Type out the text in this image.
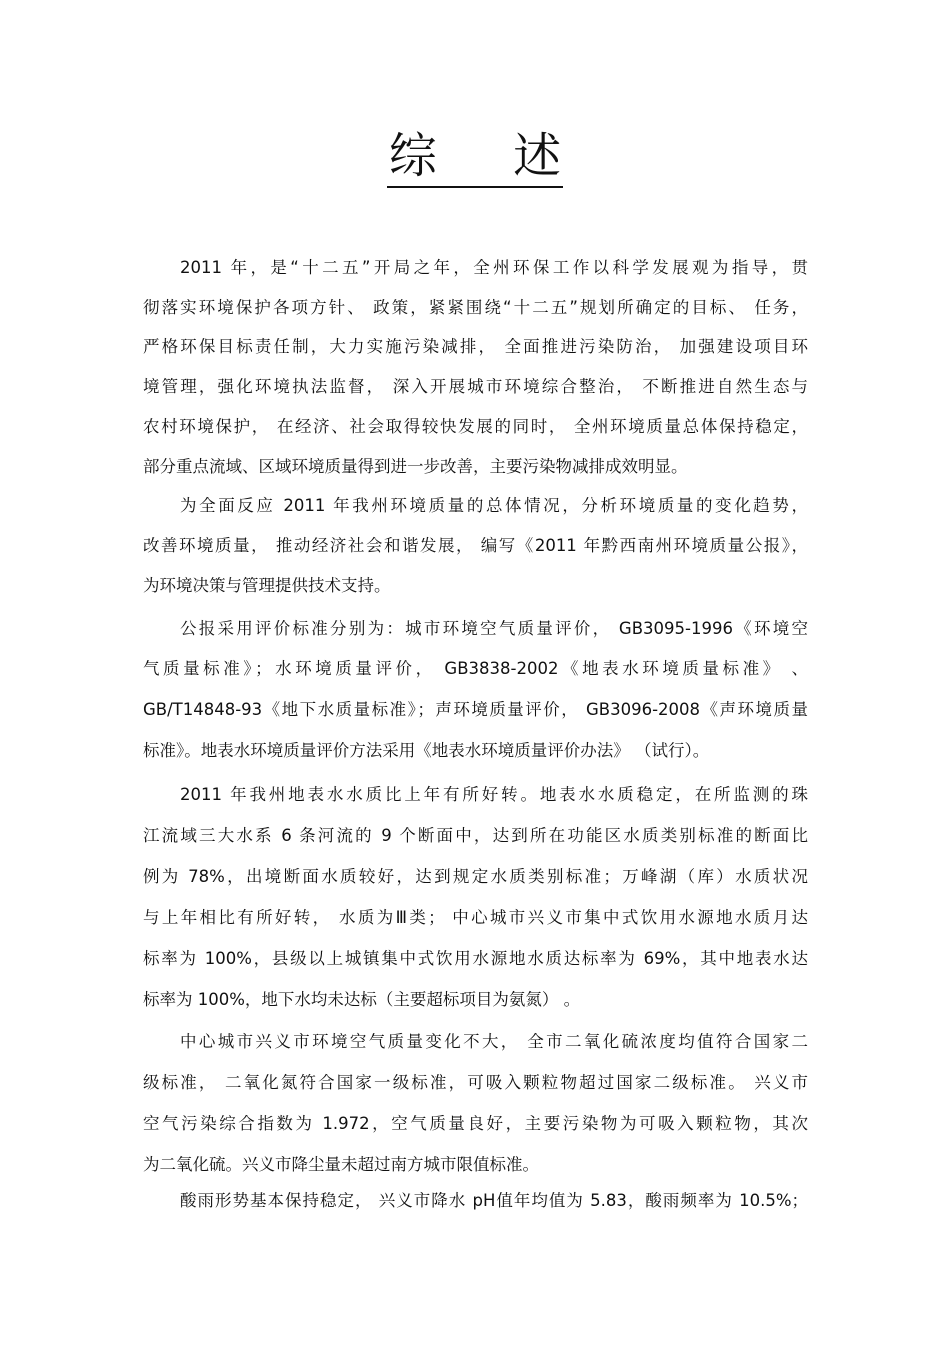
综     述
2011 年，是“十二五”开局之年，全州环保工作以科学发展观为指导，贯
彻落实环境保护各项方针、 政策，紧紧围绕“十二五”规划所确定的目标、 任务，
严格环保目标责任制，大力实施污染减排， 全面推进污染防治， 加强建设项目环
境管理，强化环境执法监督， 深入开展城市环境综合整治， 不断推进自然生态与
农村环境保护， 在经济、社会取得较快发展的同时， 全州环境质量总体保持稳定，
部分重点流域、区域环境质量得到进一步改善，主要污染物减排成效明显。
为全面反应 2011 年我州环境质量的总体情况，分析环境质量的变化趋势，
改善环境质量， 推动经济社会和谐发展， 编写《2011 年黔西南州环境质量公报》，
为环境决策与管理提供技术支持。
公报采用评价标准分别为：城市环境空气质量评价， GB3095-1996《环境空
气质量标准》；水环境质量评价， GB3838-2002《地表水环境质量标准》 、
GB/T14848-93《地下水质量标准》；声环境质量评价， GB3096-2008《声环境质量
标准》。地表水环境质量评价方法采用《地表水环境质量评价办法》 （试行）。
2011 年我州地表水水质比上年有所好转。地表水水质稳定，在所监测的珠
江流域三大水系 6 条河流的 9 个断面中，达到所在功能区水质类别标准的断面比
例为 78%，出境断面水质较好，达到规定水质类别标准；万峰湖（库）水质状况
与上年相比有所好转， 水质为Ⅲ类； 中心城市兴义市集中式饮用水源地水质月达
标率为 100%，县级以上城镇集中式饮用水源地水质达标率为 69%，其中地表水达
标率为 100%，地下水均未达标（主要超标项目为氨氮） 。
中心城市兴义市环境空气质量变化不大， 全市二氧化硫浓度均值符合国家二
级标准， 二氧化氮符合国家一级标准，可吸入颗粒物超过国家二级标准。 兴义市
空气污染综合指数为 1.972，空气质量良好，主要污染物为可吸入颗粒物，其次
为二氧化硫。兴义市降尘量未超过南方城市限值标准。
酸雨形势基本保持稳定， 兴义市降水 pH值年均值为 5.83，酸雨频率为 10.5%；
